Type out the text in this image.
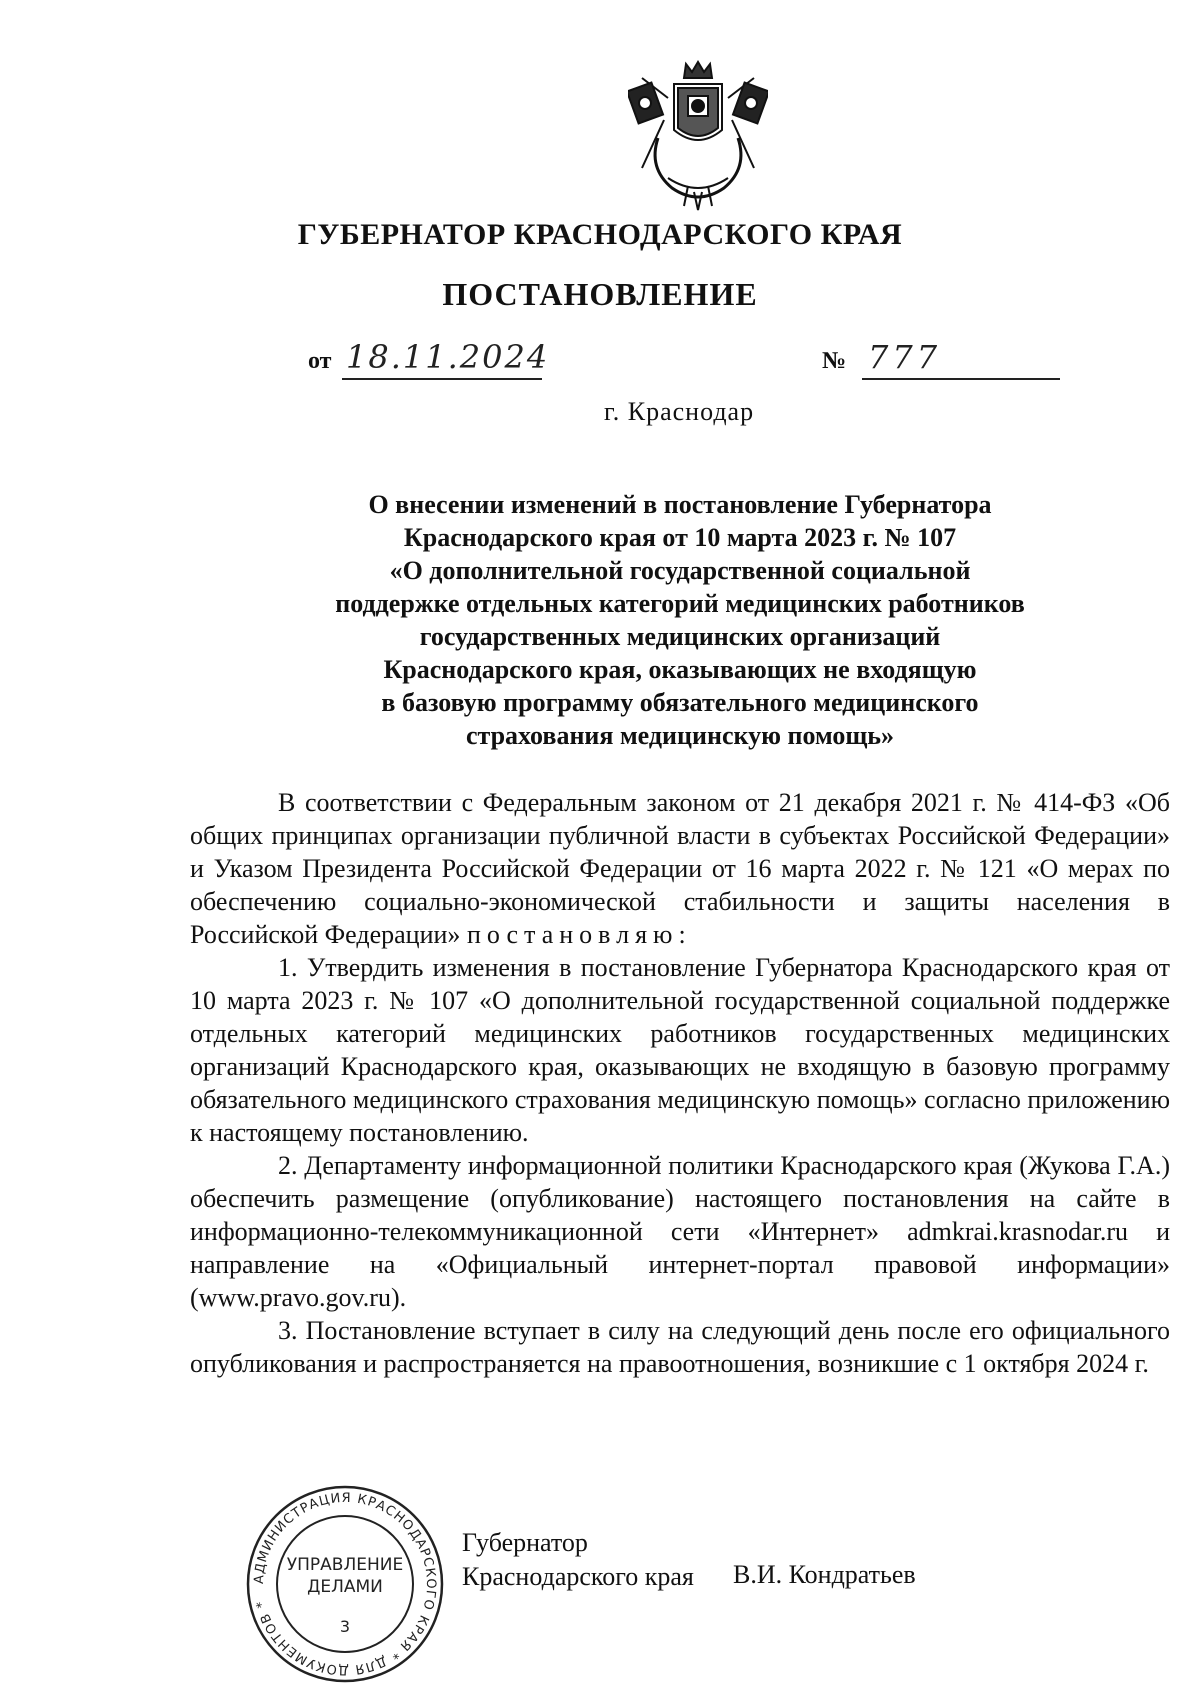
ГУБЕРНАТОР КРАСНОДАРСКОГО КРАЯ
ПОСТАНОВЛЕНИЕ
от 18.11.2024	№ 777
г. Краснодар
О внесении изменений в постановление Губернатора
Краснодарского края от 10 марта 2023 г. № 107
«О дополнительной государственной социальной
поддержке отдельных категорий медицинских работников
государственных медицинских организаций
Краснодарского края, оказывающих не входящую
в базовую программу обязательного медицинского
страхования медицинскую помощь»

В соответствии с Федеральным законом от 21 декабря 2021 г. № 414-ФЗ «Об общих принципах организации публичной власти в субъектах Российской Федерации» и Указом Президента Российской Федерации от 16 марта 2022 г. № 121 «О мерах по обеспечению социально-экономической стабильности и защиты населения в Российской Федерации» постановляю:

1. Утвердить изменения в постановление Губернатора Краснодарского края от 10 марта 2023 г. № 107 «О дополнительной государственной социальной поддержке отдельных категорий медицинских работников государственных медицинских организаций Краснодарского края, оказывающих не входящую в базовую программу обязательного медицинского страхования медицинскую помощь» согласно приложению к настоящему постановлению.

2. Департаменту информационной политики Краснодарского края (Жукова Г.А.) обеспечить размещение (опубликование) настоящего постановления на сайте в информационно-телекоммуникационной сети «Интернет» admkrai.krasnodar.ru и направление на «Официальный интернет-портал правовой информации» (www.pravo.gov.ru).

3. Постановление вступает в силу на следующий день после его официального опубликования и распространяется на правоотношения, возникшие с 1 октября 2024 г.

Губернатор
Краснодарского края В.И. Кондратьев
АДМИНИСТРАЦИЯ КРАСНОДАРСКОГО КРАЯ * ДЛЯ ДОКУМЕНТОВ *
УПРАВЛЕНИЕ
ДЕЛАМИ
3
